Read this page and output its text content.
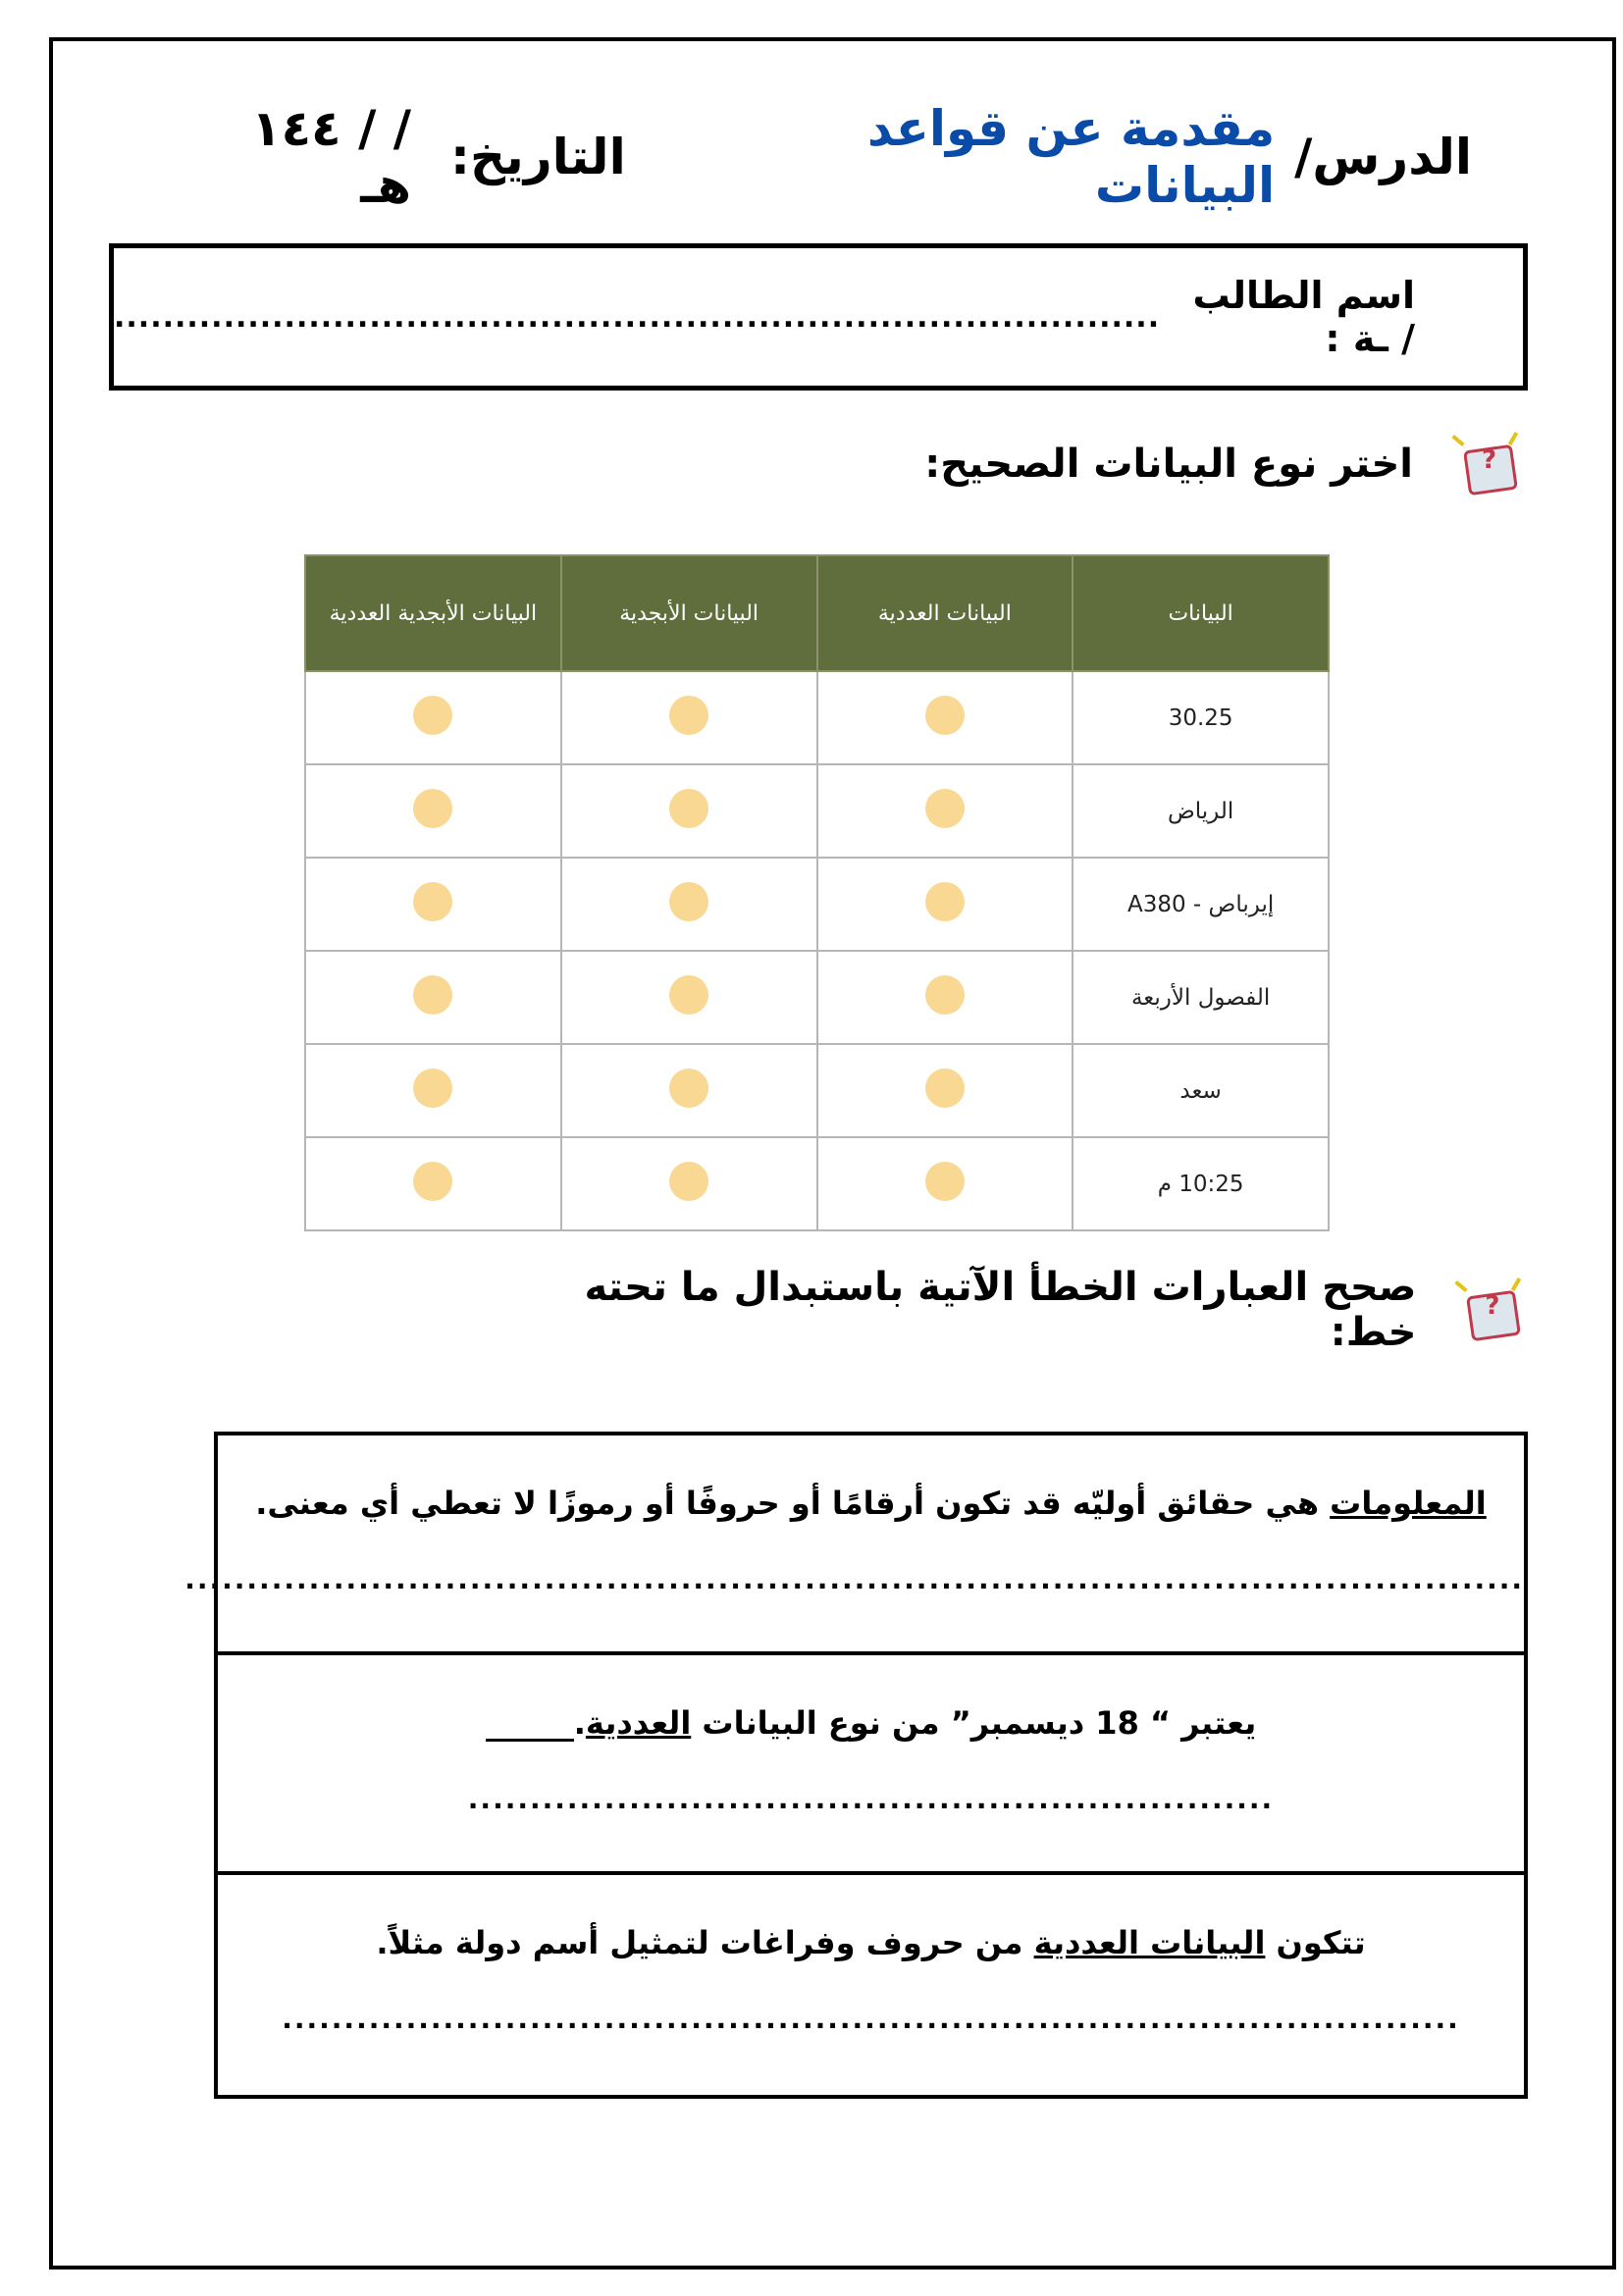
الدرس/
مقدمة عن قواعد البيانات
التاريخ:
/ / ١٤٤ هـ
اسم الطالب / ـة :
......................................................................................
?
اختر نوع البيانات الصحيح:
البيانات	البيانات العددية	البيانات الأبجدية	البيانات الأبجدية العددية
30.25			
الرياض			
إيرباص - A380			
الفصول الأربعة			
سعد			
10:25 م			
?
صحح العبارات الخطأ الآتية باستبدال ما تحته خط:
المعلومات هي حقائق أوليّه قد تكون أرقامًا أو حروفًا أو رموزًا لا تعطي أي معنى.
............................................................................................................
يعتبر “ 18 ديسمبر” من نوع البيانات العددية.
.................................................................
تتكون البيانات العددية من حروف وفراغات لتمثيل أسم دولة مثلاً.
...............................................................................................
